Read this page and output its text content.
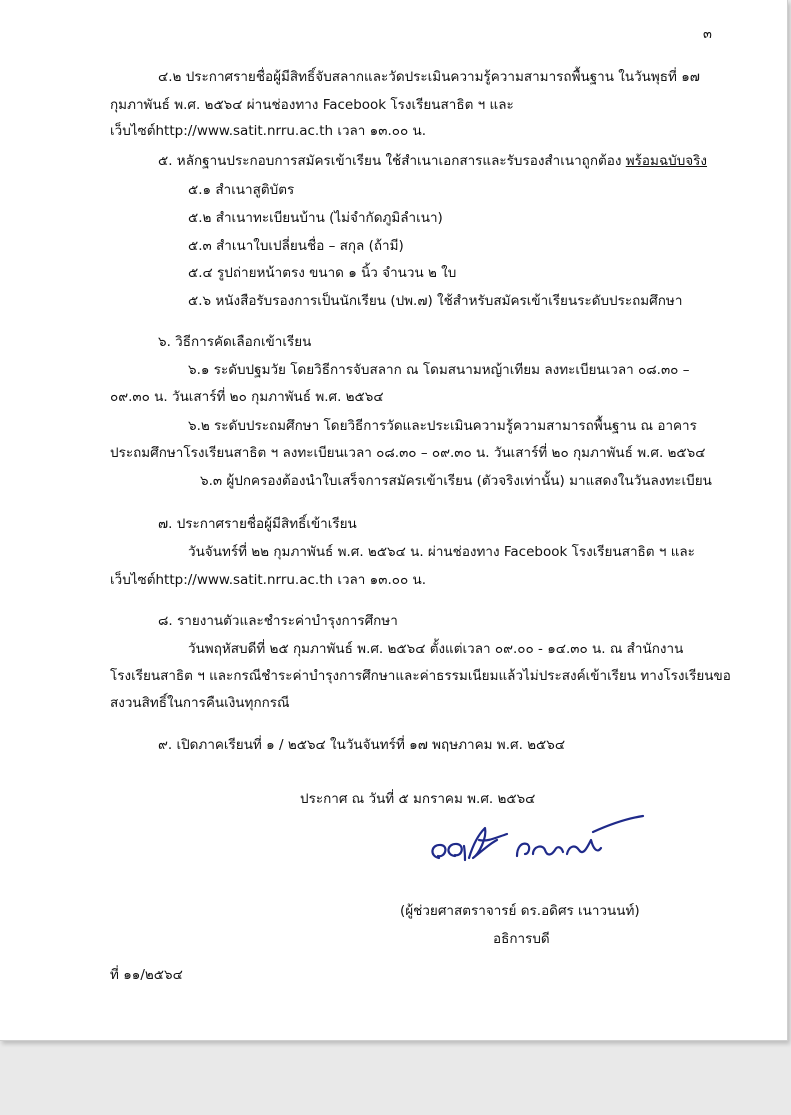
๓

๔.๒ ประกาศรายชื่อผู้มีสิทธิ์จับสลากและวัดประเมินความรู้ความสามารถพื้นฐาน ในวันพุธที่ ๑๗

กุมภาพันธ์ พ.ศ. ๒๕๖๔ ผ่านช่องทาง Facebook โรงเรียนสาธิต ฯ และ

เว็บไซต์http://www.satit.nrru.ac.th เวลา ๑๓.๐๐ น.

๕. หลักฐานประกอบการสมัครเข้าเรียน ใช้สำเนาเอกสารและรับรองสำเนาถูกต้อง พร้อมฉบับจริง

๕.๑ สำเนาสูติบัตร

๕.๒ สำเนาทะเบียนบ้าน (ไม่จำกัดภูมิลำเนา)

๕.๓ สำเนาใบเปลี่ยนชื่อ – สกุล (ถ้ามี)

๕.๔ รูปถ่ายหน้าตรง ขนาด ๑ นิ้ว จำนวน ๒ ใบ

๕.๖ หนังสือรับรองการเป็นนักเรียน (ปพ.๗) ใช้สำหรับสมัครเข้าเรียนระดับประถมศึกษา

๖. วิธีการคัดเลือกเข้าเรียน

๖.๑ ระดับปฐมวัย โดยวิธีการจับสลาก ณ โดมสนามหญ้าเทียม ลงทะเบียนเวลา ๐๘.๓๐ –

๐๙.๓๐ น. วันเสาร์ที่ ๒๐ กุมภาพันธ์ พ.ศ. ๒๕๖๔

๖.๒ ระดับประถมศึกษา โดยวิธีการวัดและประเมินความรู้ความสามารถพื้นฐาน ณ อาคาร

ประถมศึกษาโรงเรียนสาธิต ฯ ลงทะเบียนเวลา ๐๘.๓๐ – ๐๙.๓๐ น. วันเสาร์ที่ ๒๐ กุมภาพันธ์ พ.ศ. ๒๕๖๔

๖.๓ ผู้ปกครองต้องนำใบเสร็จการสมัครเข้าเรียน (ตัวจริงเท่านั้น) มาแสดงในวันลงทะเบียน

๗. ประกาศรายชื่อผู้มีสิทธิ์เข้าเรียน

วันจันทร์ที่ ๒๒ กุมภาพันธ์ พ.ศ. ๒๕๖๔ น. ผ่านช่องทาง Facebook โรงเรียนสาธิต ฯ และ

เว็บไซต์http://www.satit.nrru.ac.th เวลา ๑๓.๐๐ น.

๘. รายงานตัวและชำระค่าบำรุงการศึกษา

วันพฤหัสบดีที่ ๒๕ กุมภาพันธ์ พ.ศ. ๒๕๖๔ ตั้งแต่เวลา ๐๙.๐๐ - ๑๔.๓๐ น. ณ สำนักงาน

โรงเรียนสาธิต ฯ และกรณีชำระค่าบำรุงการศึกษาและค่าธรรมเนียมแล้วไม่ประสงค์เข้าเรียน ทางโรงเรียนขอ

สงวนสิทธิ์ในการคืนเงินทุกกรณี

๙. เปิดภาคเรียนที่ ๑ / ๒๕๖๔ ในวันจันทร์ที่ ๑๗ พฤษภาคม พ.ศ. ๒๕๖๔

ประกาศ ณ วันที่ ๕ มกราคม พ.ศ. ๒๕๖๔

(ผู้ช่วยศาสตราจารย์ ดร.อดิศร เนาวนนท์)

อธิการบดี

ที่ ๑๑/๒๕๖๔
